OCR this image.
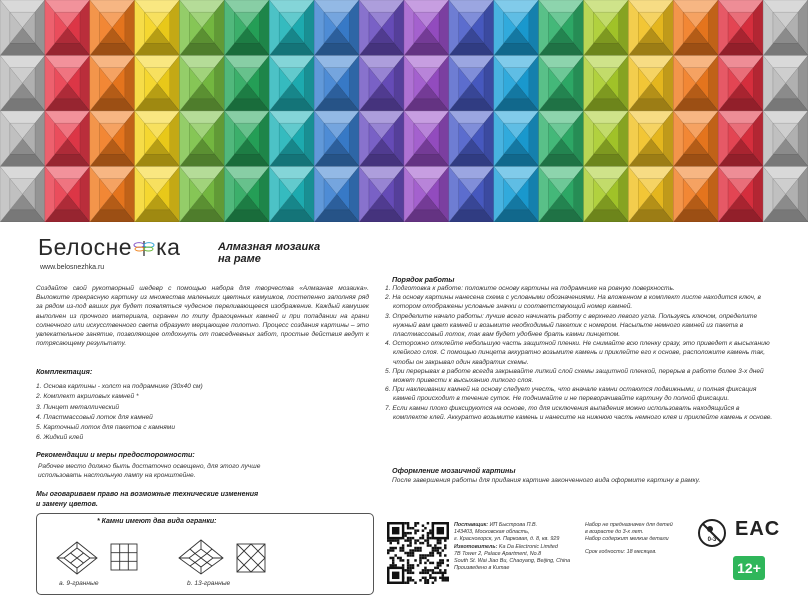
Белосне ка
www.belosnezhka.ru
Алмазная мозаика
на раме
Создайте свой рукотворный шедевр с помощью набора для творчества «Алмазная мозаика». Выложите прекрасную картину из множества маленьких цветных камушков, постепенно заполняя ряд за рядом из-под ваших рук будет появляться чудесное переливающееся изображение. Каждый камушек выполнен из прочного материала, огранен по типу драгоценных камней и при попадании на грани солнечного или искусственного света образует мерцающее полотно. Процесс создания картины – это увлекательное занятие, позволяющее отдохнуть от повседневных забот, простые действия ведут к потрясающему результату.
Комплектация:
1. Основа картины - холст на подрамнике (30х40 см)
2. Комплект акриловых камней *
3. Пинцет металлический
4. Пластмассовый лоток для камней
5. Карточный лоток для пакетов с камнями
6. Жидкий клей
Рекомендации и меры предосторожности:
Рабочее место должно быть достаточно освещено, для этого лучше
использовать настольную лампу на кронштейне.
Мы оговариваем право на возможные технические изменения
и замену цветов.
* Камни имеют два вида огранки:
a. 9-гранные	b. 13-гранные
Порядок работы
1. Подготовка к работе: положите основу картины на подрамнике на ровную поверхность.
2. На основу картины нанесена схема с условными обозначениями. На вложенном в комплект листе находится ключ, в котором отображены условные значки и соответствующий номер камней.
3. Определите начало работы: лучше всего начинать работу с верхнего левого угла. Пользуясь ключом, определите нужный вам цвет камней и возьмите необходимый пакетик с номером. Насыпьте немного камней из пакета в пластмассовый лоток, так вам будет удобнее брать камни пинцетом.
4. Осторожно отклейте небольшую часть защитной пленки. Не снимайте всю пленку сразу, это приведет к высыханию клейкого слоя. С помощью пинцета аккуратно возьмите камень и приклейте его к основе, расположите камень так, чтобы он закрывал один квадратик схемы.
5. При перерывах в работе всегда закрывайте липкий слой схемы защитной пленкой, перерыв в работе более 3-х дней может привести к высыханию липкого слоя.
6. При наклеивании камней на основу следует учесть, что вначале камни остаются подвижными, и полная фиксация камней происходит в течение суток. Не поднимайте и не переворачивайте картину до полной фиксации.
7. Если камни плохо фиксируются на основе, то для исключения выпадения можно использовать находящийся в комплекте клей. Аккуратно возьмите камень и нанесите на нижнюю часть немного клея и приклейте камень к основе.
Оформление мозаичной картины
После завершения работы для придания картине законченного вида оформите картину в рамку.
Поставщик: ИП Быстрова П.В.
143403, Московская область,
г. Красногорск, ул. Парковая, д. 8, кв. 929
Изготовитель: Ka Da Electronic Limited
7B Tower 2, Palace Apartment, No.8
South St. Wai Jiao Bu, Chaoyang, Beijing, China
Произведено в Китае
Набор не предназначен для детей
в возрасте до 3-х лет.
Набор содержит мелкие детали
Срок годности: 18 месяцев.
0-3 EAC
12+
